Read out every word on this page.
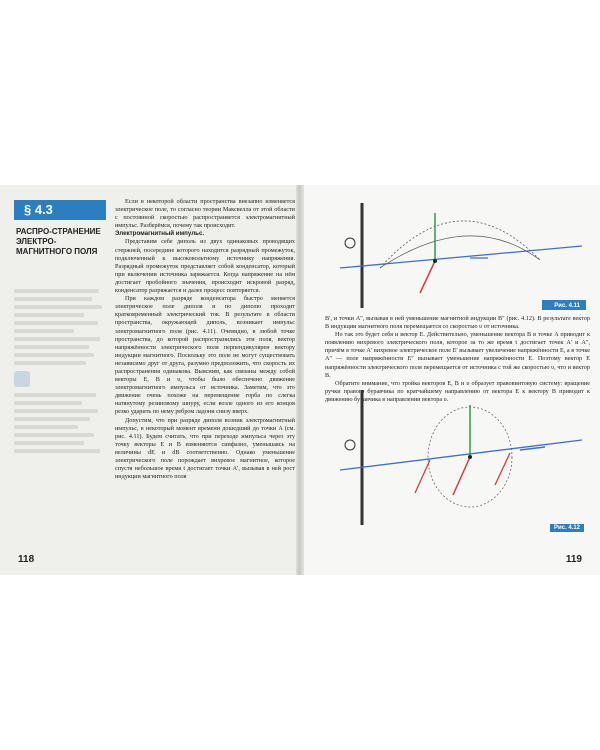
§ 4.3
РАСПРО-СТРАНЕНИЕ ЭЛЕКТРО-МАГНИТНОГО ПОЛЯ

Если в некоторой области пространства внезапно изменяется электрическое поле, то согласно теории Максвелла от этой области с постоянной скоростью распространяется электромагнитный импульс. Разберёмся, почему так происходит.

Электромагнитный импульс.

Представим себе диполь из двух одинаковых проводящих стержней, посередине которого находится разрядный промежуток, подключенный к высоковольтному источнику напряжения. Разрядный промежуток представляет собой конденсатор, который при включении источника заряжается. Когда напряжение на нём достигает пробойного значения, происходит искровой разряд, конденсатор разряжается и далее процесс повторяется.

При каждом разряде конденсатора быстро меняется электрическое поле диполя и по диполю проходит кратковременный электрический ток. В результате в области пространства, окружающей диполь, возникает импульс электромагнитного поля (рис. 4.11). Очевидно, в любой точке пространства, до которой распространились эти поля, вектор напряжённости электрического поля перпендикулярен вектору индукции магнитного. Поскольку это поле не могут существовать независимо друг от друга, разумно предположить, что скорость их распространения одинакова. Выясним, как связаны между собой векторы E, B и υ, чтобы было обеспечено движение электромагнитного импульса от источника. Заметим, что это движение очень похоже на перемещение горба по слегка натянутому резиновому шнуру, если возле одного из его концов резко ударить по нему ребром ладони снизу вверх.

Допустим, что при разряде диполя возник электромагнитный импульс, в некоторый момент времени дошедший до точки A (см. рис. 4.11). Будем считать, что при переходе импульса через эту точку векторы E и B изменяются синфазно, уменьшаясь на величины dE и dB соответственно. Однако уменьшение электрического поле порождает вихревое магнитное, которое спустя небольшое время t достигает точки A′, вызывая в ней рост индукции магнитного поля

118
Рис. 4.11

B′, и точки A″, вызывая в ней уменьшение магнитной индукции B″ (рис. 4.12). В результате вектор B индукции магнитного поля перемещается со скоростью υ от источника.

Но так это будет себя и вектор E. Действительно, уменьшение вектора B в точке A приводит к появлению вихревого электрического поля, которое за то же время t достигает точек A′ и A″, причём в точке A′ вихревое электрическое поле E′ вызывает увеличение напряжённости E, а в точке A″ — поле напряжённости E″ вызывает уменьшение напряжённости E. Поэтому вектор E напряжённости электрического поля перемещается от источника с той же скоростью υ, что и вектор B.

Обратите внимание, что тройка векторов E, B и υ образует правовинтовую систему: вращение ручки правого буравчика по кратчайшему направлению от вектора E к вектору B приводит к движению буравчика в направлении вектора υ.

Рис. 4.12
119
